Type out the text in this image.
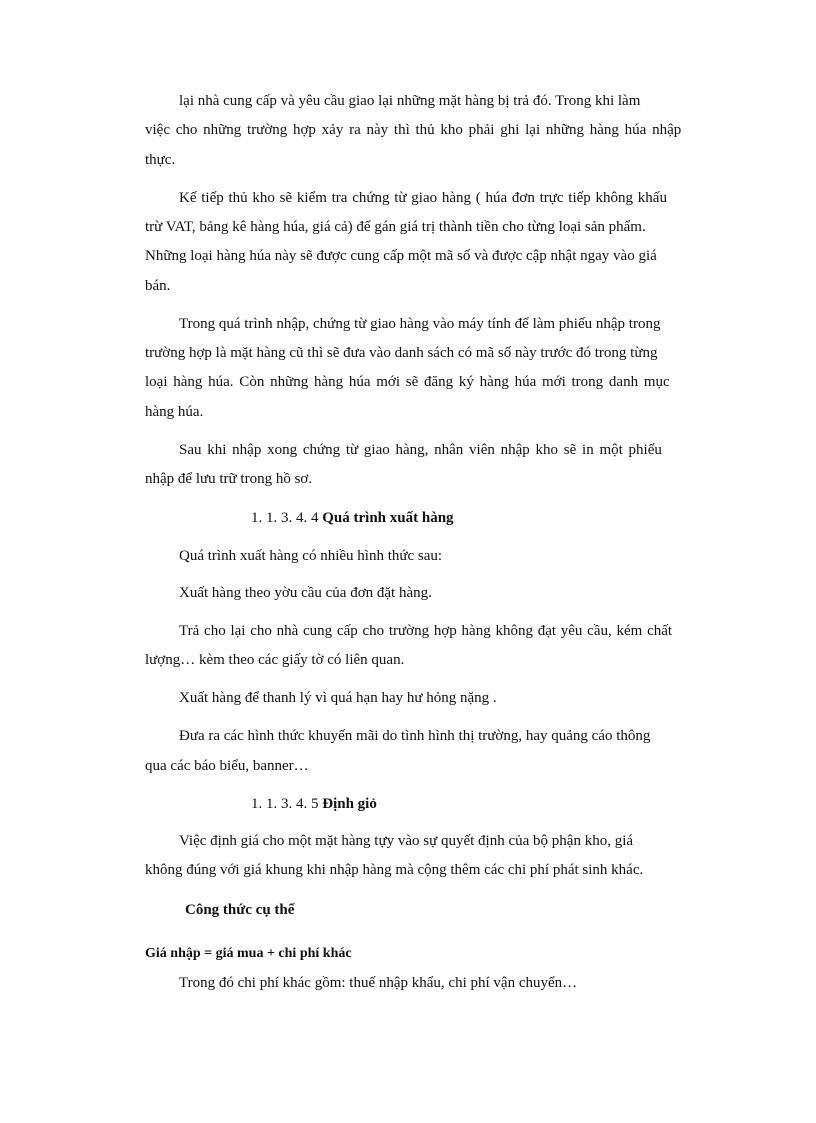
lại nhà cung cấp và yêu cầu giao lại những mặt hàng bị trả đó. Trong khi làm
việc cho những trường hợp xảy ra này thì thủ kho phải ghi lại những hàng húa nhập
thực.
Kế tiếp thủ kho sẽ kiểm tra chứng từ giao hàng ( húa đơn trực tiếp không khấu
trừ VAT, bảng kê hàng húa, giá cả) để gán giá trị thành tiền cho từng loại sản phẩm.
Những loại hàng húa này sẽ được cung cấp một mã số và được cập nhật ngay vào giá
bán.
Trong quá trình nhập, chứng từ giao hàng vào máy tính để làm phiếu nhập trong
trường hợp là mặt hàng cũ thì sẽ đưa vào danh sách có mã số này trước đó trong từng
loại hàng húa. Còn những hàng húa mới sẽ đăng ký hàng húa mới trong danh mục
hàng húa.
Sau khi nhập xong chứng từ giao hàng, nhân viên nhập kho sẽ in một phiếu
nhập để lưu trữ trong hồ sơ.
1. 1. 3. 4. 4 Quá trình xuất hàng
Quá trình xuất hàng có nhiều hình thức sau:
Xuất hàng theo yờu cầu của đơn đặt hàng.
Trả cho lại cho nhà cung cấp cho trường hợp hàng không đạt yêu cầu, kém chất
lượng… kèm theo các giấy tờ có liên quan.
Xuất hàng để thanh lý vì quá hạn hay hư hỏng nặng .
Đưa ra các hình thức khuyến mãi do tình hình thị trường, hay quảng cáo thông
qua các báo biểu, banner…
1. 1. 3. 4. 5 Định giỏ
Việc định giá cho một mặt hàng tựy vào sự quyết định của bộ phận kho, giá
không đúng với giá khung khi nhập hàng mà cộng thêm các chi phí phát sinh khác.
Công thức cụ thể
Giá nhập = giá mua + chi phí khác
Trong đó chi phí khác gồm: thuế nhập khẩu, chi phí vận chuyển…
